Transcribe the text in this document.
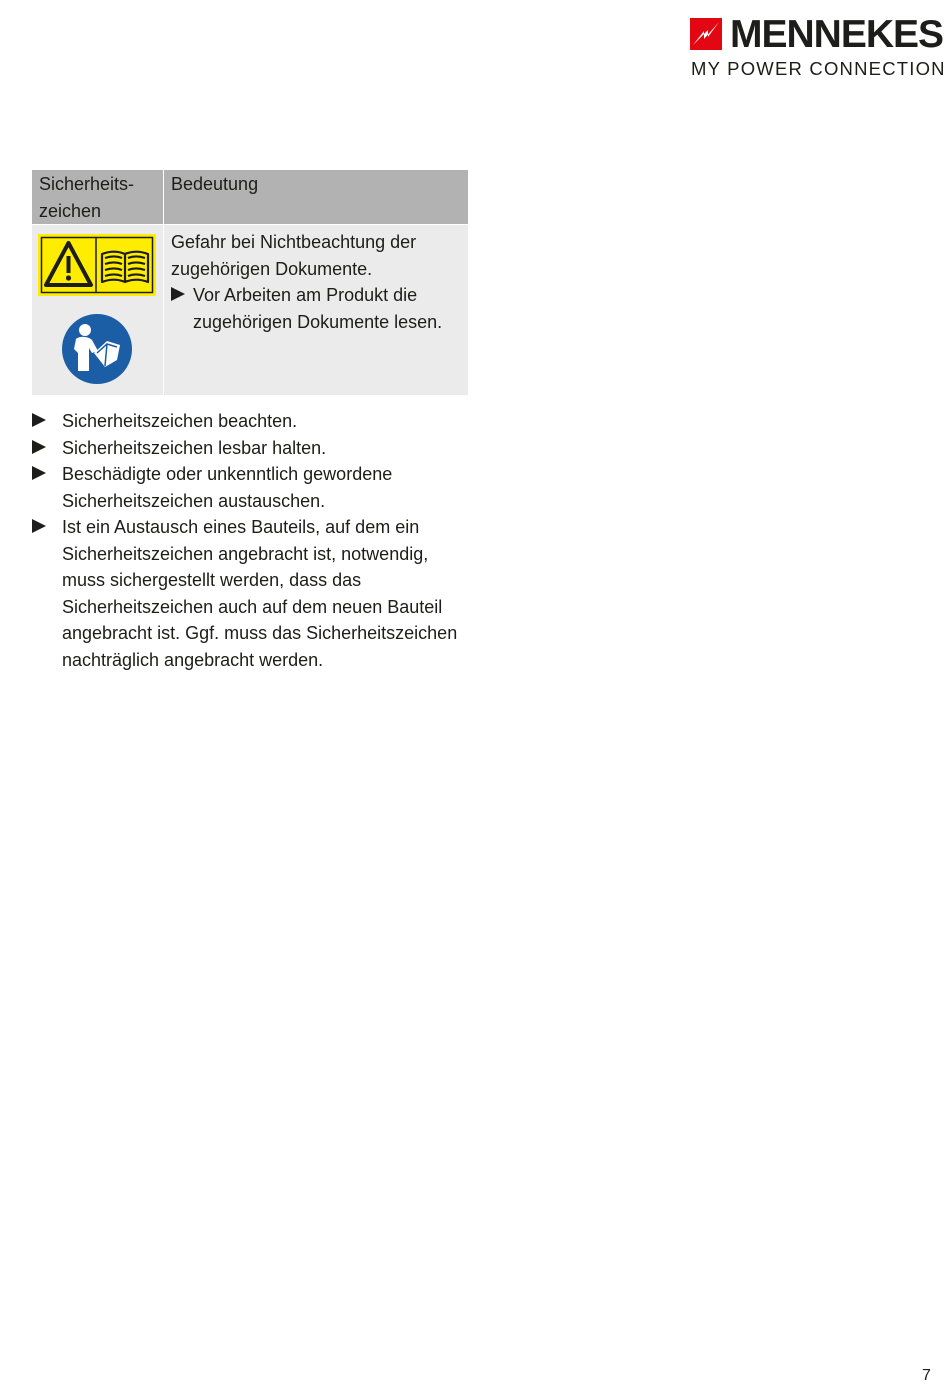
MENNEKES
MY POWER CONNECTION
Sicherheits-
zeichen	Bedeutung

Gefahr bei Nichtbeachtung der zugehörigen Dokumente.
Vor Arbeiten am Produkt die zugehörigen Dokumente lesen.
Sicherheitszeichen beachten.
Sicherheitszeichen lesbar halten.
Beschädigte oder unkenntlich gewordene Sicherheitszeichen austauschen.
Ist ein Austausch eines Bauteils, auf dem ein Sicherheitszeichen angebracht ist, notwendig, muss sichergestellt werden, dass das Sicherheitszeichen auch auf dem neuen Bauteil angebracht ist. Ggf. muss das Sicherheitszeichen nachträglich angebracht werden.
7
